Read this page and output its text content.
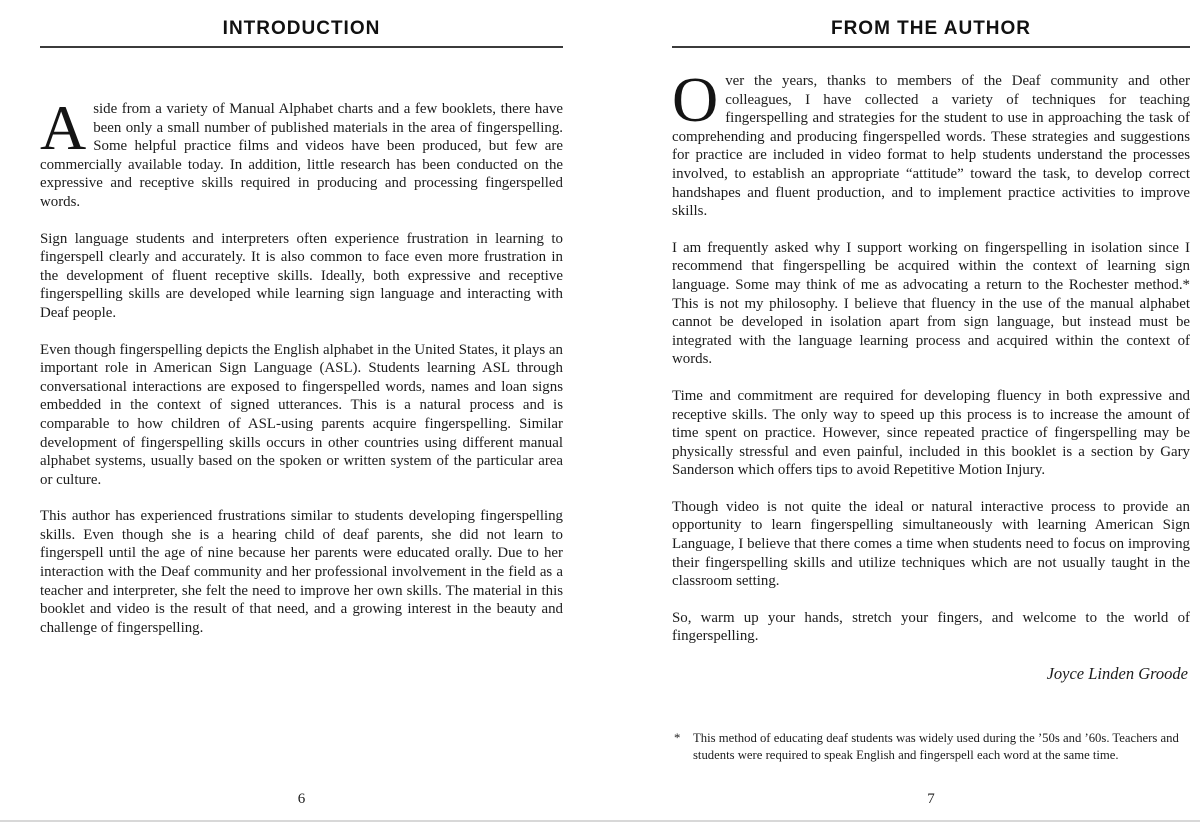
INTRODUCTION

Aside from a variety of Manual Alphabet charts and a few booklets, there have been only a small number of published materials in the area of fingerspelling. Some helpful practice films and videos have been produced, but few are commercially available today. In addition, little research has been conducted on the expressive and receptive skills required in producing and processing fingerspelled words.

Sign language students and interpreters often experience frustration in learning to fingerspell clearly and accurately. It is also common to face even more frustration in the development of fluent receptive skills. Ideally, both expressive and receptive fingerspelling skills are developed while learning sign language and interacting with Deaf people.

Even though fingerspelling depicts the English alphabet in the United States, it plays an important role in American Sign Language (ASL). Students learning ASL through conversational interactions are exposed to fingerspelled words, names and loan signs embedded in the context of signed utterances. This is a natural process and is comparable to how children of ASL-using parents acquire fingerspelling. Similar development of fingerspelling skills occurs in other countries using different manual alphabet systems, usually based on the spoken or written system of the particular area or culture.

This author has experienced frustrations similar to students developing fingerspelling skills. Even though she is a hearing child of deaf parents, she did not learn to fingerspell until the age of nine because her parents were educated orally. Due to her interaction with the Deaf community and her professional involvement in the field as a teacher and interpreter, she felt the need to improve her own skills. The material in this booklet and video is the result of that need, and a growing interest in the beauty and challenge of fingerspelling.

6
FROM THE AUTHOR

Over the years, thanks to members of the Deaf community and other colleagues, I have collected a variety of techniques for teaching fingerspelling and strategies for the student to use in approaching the task of comprehending and producing fingerspelled words. These strategies and suggestions for practice are included in video format to help students understand the processes involved, to establish an appropriate “attitude” toward the task, to develop correct handshapes and fluent production, and to implement practice activities to improve skills.

I am frequently asked why I support working on fingerspelling in isolation since I recommend that fingerspelling be acquired within the context of learning sign language. Some may think of me as advocating a return to the Rochester method.* This is not my philosophy. I believe that fluency in the use of the manual alphabet cannot be developed in isolation apart from sign language, but instead must be integrated with the language learning process and acquired within the context of words.

Time and commitment are required for developing fluency in both expressive and receptive skills. The only way to speed up this process is to increase the amount of time spent on practice. However, since repeated practice of fingerspelling may be physically stressful and even painful, included in this booklet is a section by Gary Sanderson which offers tips to avoid Repetitive Motion Injury.

Though video is not quite the ideal or natural interactive process to provide an opportunity to learn fingerspelling simultaneously with learning American Sign Language, I believe that there comes a time when students need to focus on improving their fingerspelling skills and utilize techniques which are not usually taught in the classroom setting.

So, warm up your hands, stretch your fingers, and welcome to the world of fingerspelling.

Joyce Linden Groode
* This method of educating deaf students was widely used during the ’50s and ’60s. Teachers and students were required to speak English and fingerspell each word at the same time.
7
